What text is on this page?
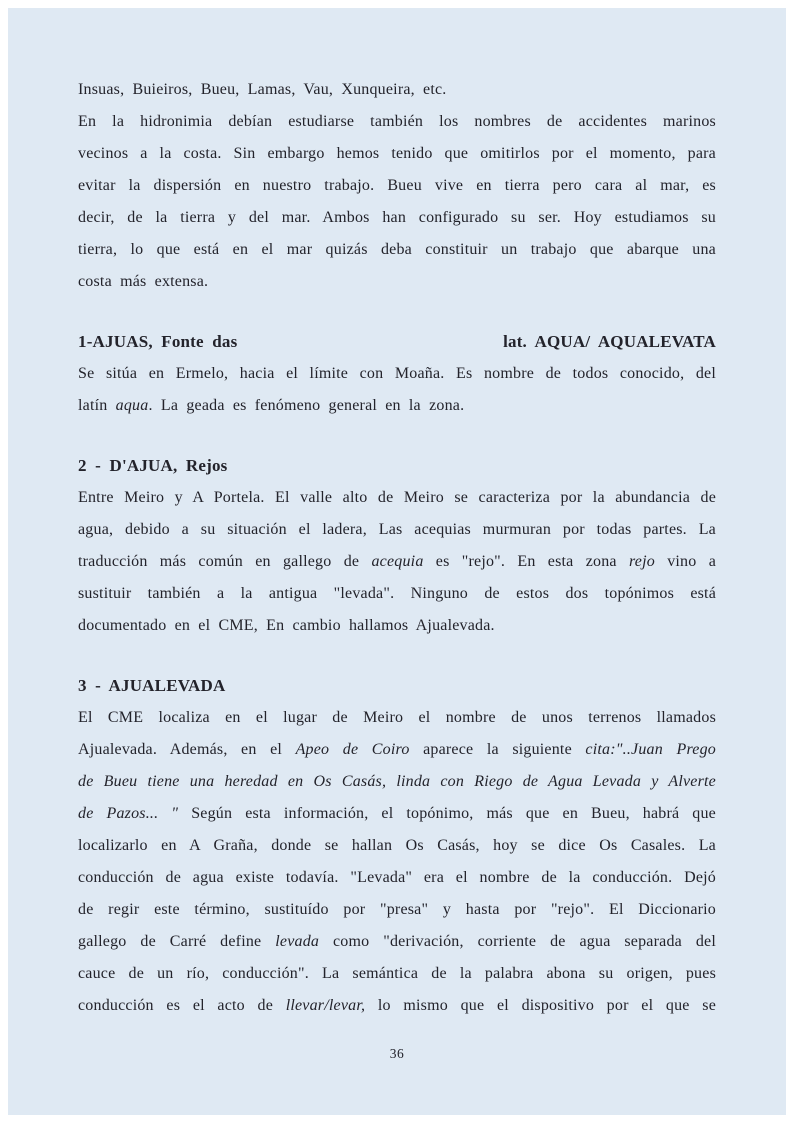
Insuas, Buieiros, Bueu, Lamas, Vau, Xunqueira, etc.
En la hidronimia debían estudiarse también los nombres de accidentes marinos
vecinos a la costa. Sin embargo hemos tenido que omitirlos por el momento, para
evitar la dispersión en nuestro trabajo. Bueu vive en tierra pero cara al mar, es
decir, de la tierra y del mar. Ambos han configurado su ser. Hoy estudiamos su
tierra, lo que está en el mar quizás deba constituir un trabajo que abarque una
costa más extensa.
1-AJUAS, Fonte das	lat. AQUA/ AQUALEVATA
Se sitúa en Ermelo, hacia el límite con Moaña. Es nombre de todos conocido, del
latín aqua. La geada es fenómeno general en la zona.
2 - D'AJUA, Rejos
Entre Meiro y A Portela. El valle alto de Meiro se caracteriza por la abundancia de
agua, debido a su situación el ladera, Las acequias murmuran por todas partes. La
traducción más común en gallego de acequia es "rejo". En esta zona rejo vino a
sustituir también a la antigua "levada". Ninguno de estos dos topónimos está
documentado en el CME, En cambio hallamos Ajualevada.
3 - AJUALEVADA
El CME localiza en el lugar de Meiro el nombre de unos terrenos llamados
Ajualevada. Además, en el Apeo de Coiro aparece la siguiente cita:"..Juan Prego
de Bueu tiene una heredad en Os Casás, linda con Riego de Agua Levada y Alverte
de Pazos... " Según esta información, el topónimo, más que en Bueu, habrá que
localizarlo en A Graña, donde se hallan Os Casás, hoy se dice Os Casales. La
conducción de agua existe todavía. "Levada" era el nombre de la conducción. Dejó
de regir este término, sustituído por "presa" y hasta por "rejo". El Diccionario
gallego de Carré define levada como "derivación, corriente de agua separada del
cauce de un río, conducción". La semántica de la palabra abona su origen, pues
conducción es el acto de llevar/levar, lo mismo que el dispositivo por el que se
36
